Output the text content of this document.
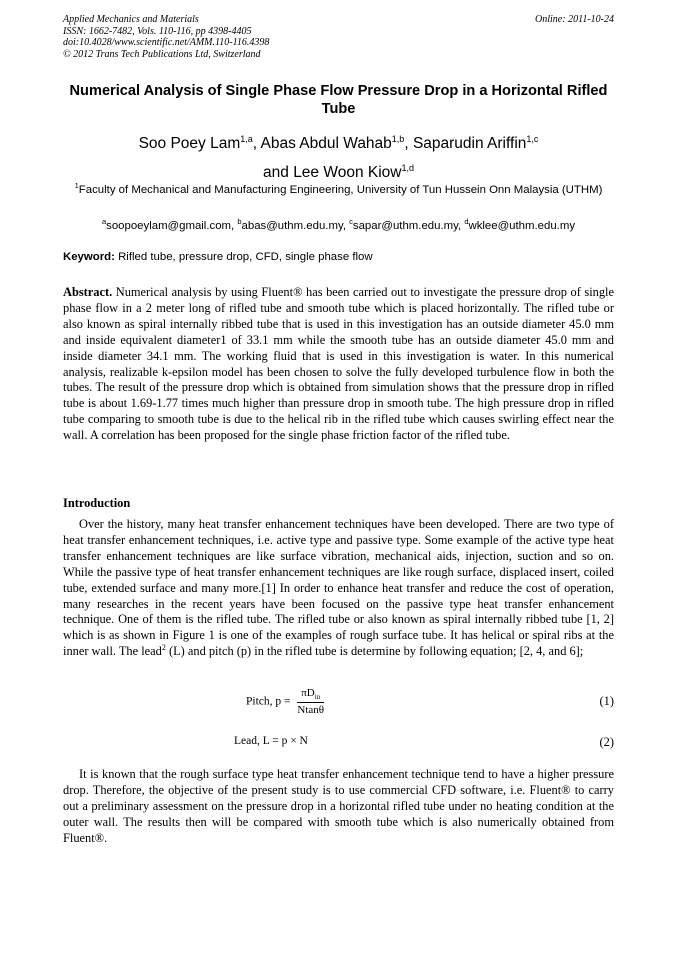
Applied Mechanics and Materials
ISSN: 1662-7482, Vols. 110-116, pp 4398-4405
doi:10.4028/www.scientific.net/AMM.110-116.4398
© 2012 Trans Tech Publications Ltd, Switzerland
Online: 2011-10-24
Numerical Analysis of Single Phase Flow Pressure Drop in a Horizontal Rifled Tube
Soo Poey Lam$^{1,a}$, Abas Abdul Wahab$^{1,b}$, Saparudin Ariffin$^{1,c}$
and Lee Woon Kiow$^{1,d}$
$^1$Faculty of Mechanical and Manufacturing Engineering, University of Tun Hussein Onn Malaysia (UTHM)
$^a$soopoeylam@gmail.com, $^b$abas@uthm.edu.my, $^c$sapar@uthm.edu.my, $^d$wklee@uthm.edu.my
Keyword: Rifled tube, pressure drop, CFD, single phase flow

Abstract. Numerical analysis by using Fluent® has been carried out to investigate the pressure drop of single phase flow in a 2 meter long of rifled tube and smooth tube which is placed horizontally. The rifled tube or also known as spiral internally ribbed tube that is used in this investigation has an outside diameter 45.0 mm and inside equivalent diameter1 of 33.1 mm while the smooth tube has an outside diameter 45.0 mm and inside diameter 34.1 mm. The working fluid that is used in this investigation is water. In this numerical analysis, realizable k-epsilon model has been chosen to solve the fully developed turbulence flow in both the tubes. The result of the pressure drop which is obtained from simulation shows that the pressure drop in rifled tube is about 1.69-1.77 times much higher than pressure drop in smooth tube. The high pressure drop in rifled tube comparing to smooth tube is due to the helical rib in the rifled tube which causes swirling effect near the wall. A correlation has been proposed for the single phase friction factor of the rifled tube.

Introduction

Over the history, many heat transfer enhancement techniques have been developed. There are two type of heat transfer enhancement techniques, i.e. active type and passive type. Some example of the active type heat transfer enhancement techniques are like surface vibration, mechanical aids, injection, suction and so on. While the passive type of heat transfer enhancement techniques are like rough surface, displaced insert, coiled tube, extended surface and many more.[1] In order to enhance heat transfer and reduce the cost of operation, many researches in the recent years have been focused on the passive type heat transfer enhancement technique. One of them is the rifled tube. The rifled tube or also known as spiral internally ribbed tube [1, 2] which is as shown in Figure 1 is one of the examples of rough surface tube. It has helical or spiral ribs at the inner wall. The lead$^2$ (L) and pitch (p) in the rifled tube is determine by following equation; [2, 4, and 6];

Pitch, $p = \frac{\pi D_{in}}{Ntan\theta}$	(1)
Lead, L = p × N	(2)

It is known that the rough surface type heat transfer enhancement technique tend to have a higher pressure drop. Therefore, the objective of the present study is to use commercial CFD software, i.e. Fluent® to carry out a preliminary assessment on the pressure drop in a horizontal rifled tube under no heating condition at the outer wall. The results then will be compared with smooth tube which is also numerically obtained from Fluent®.
